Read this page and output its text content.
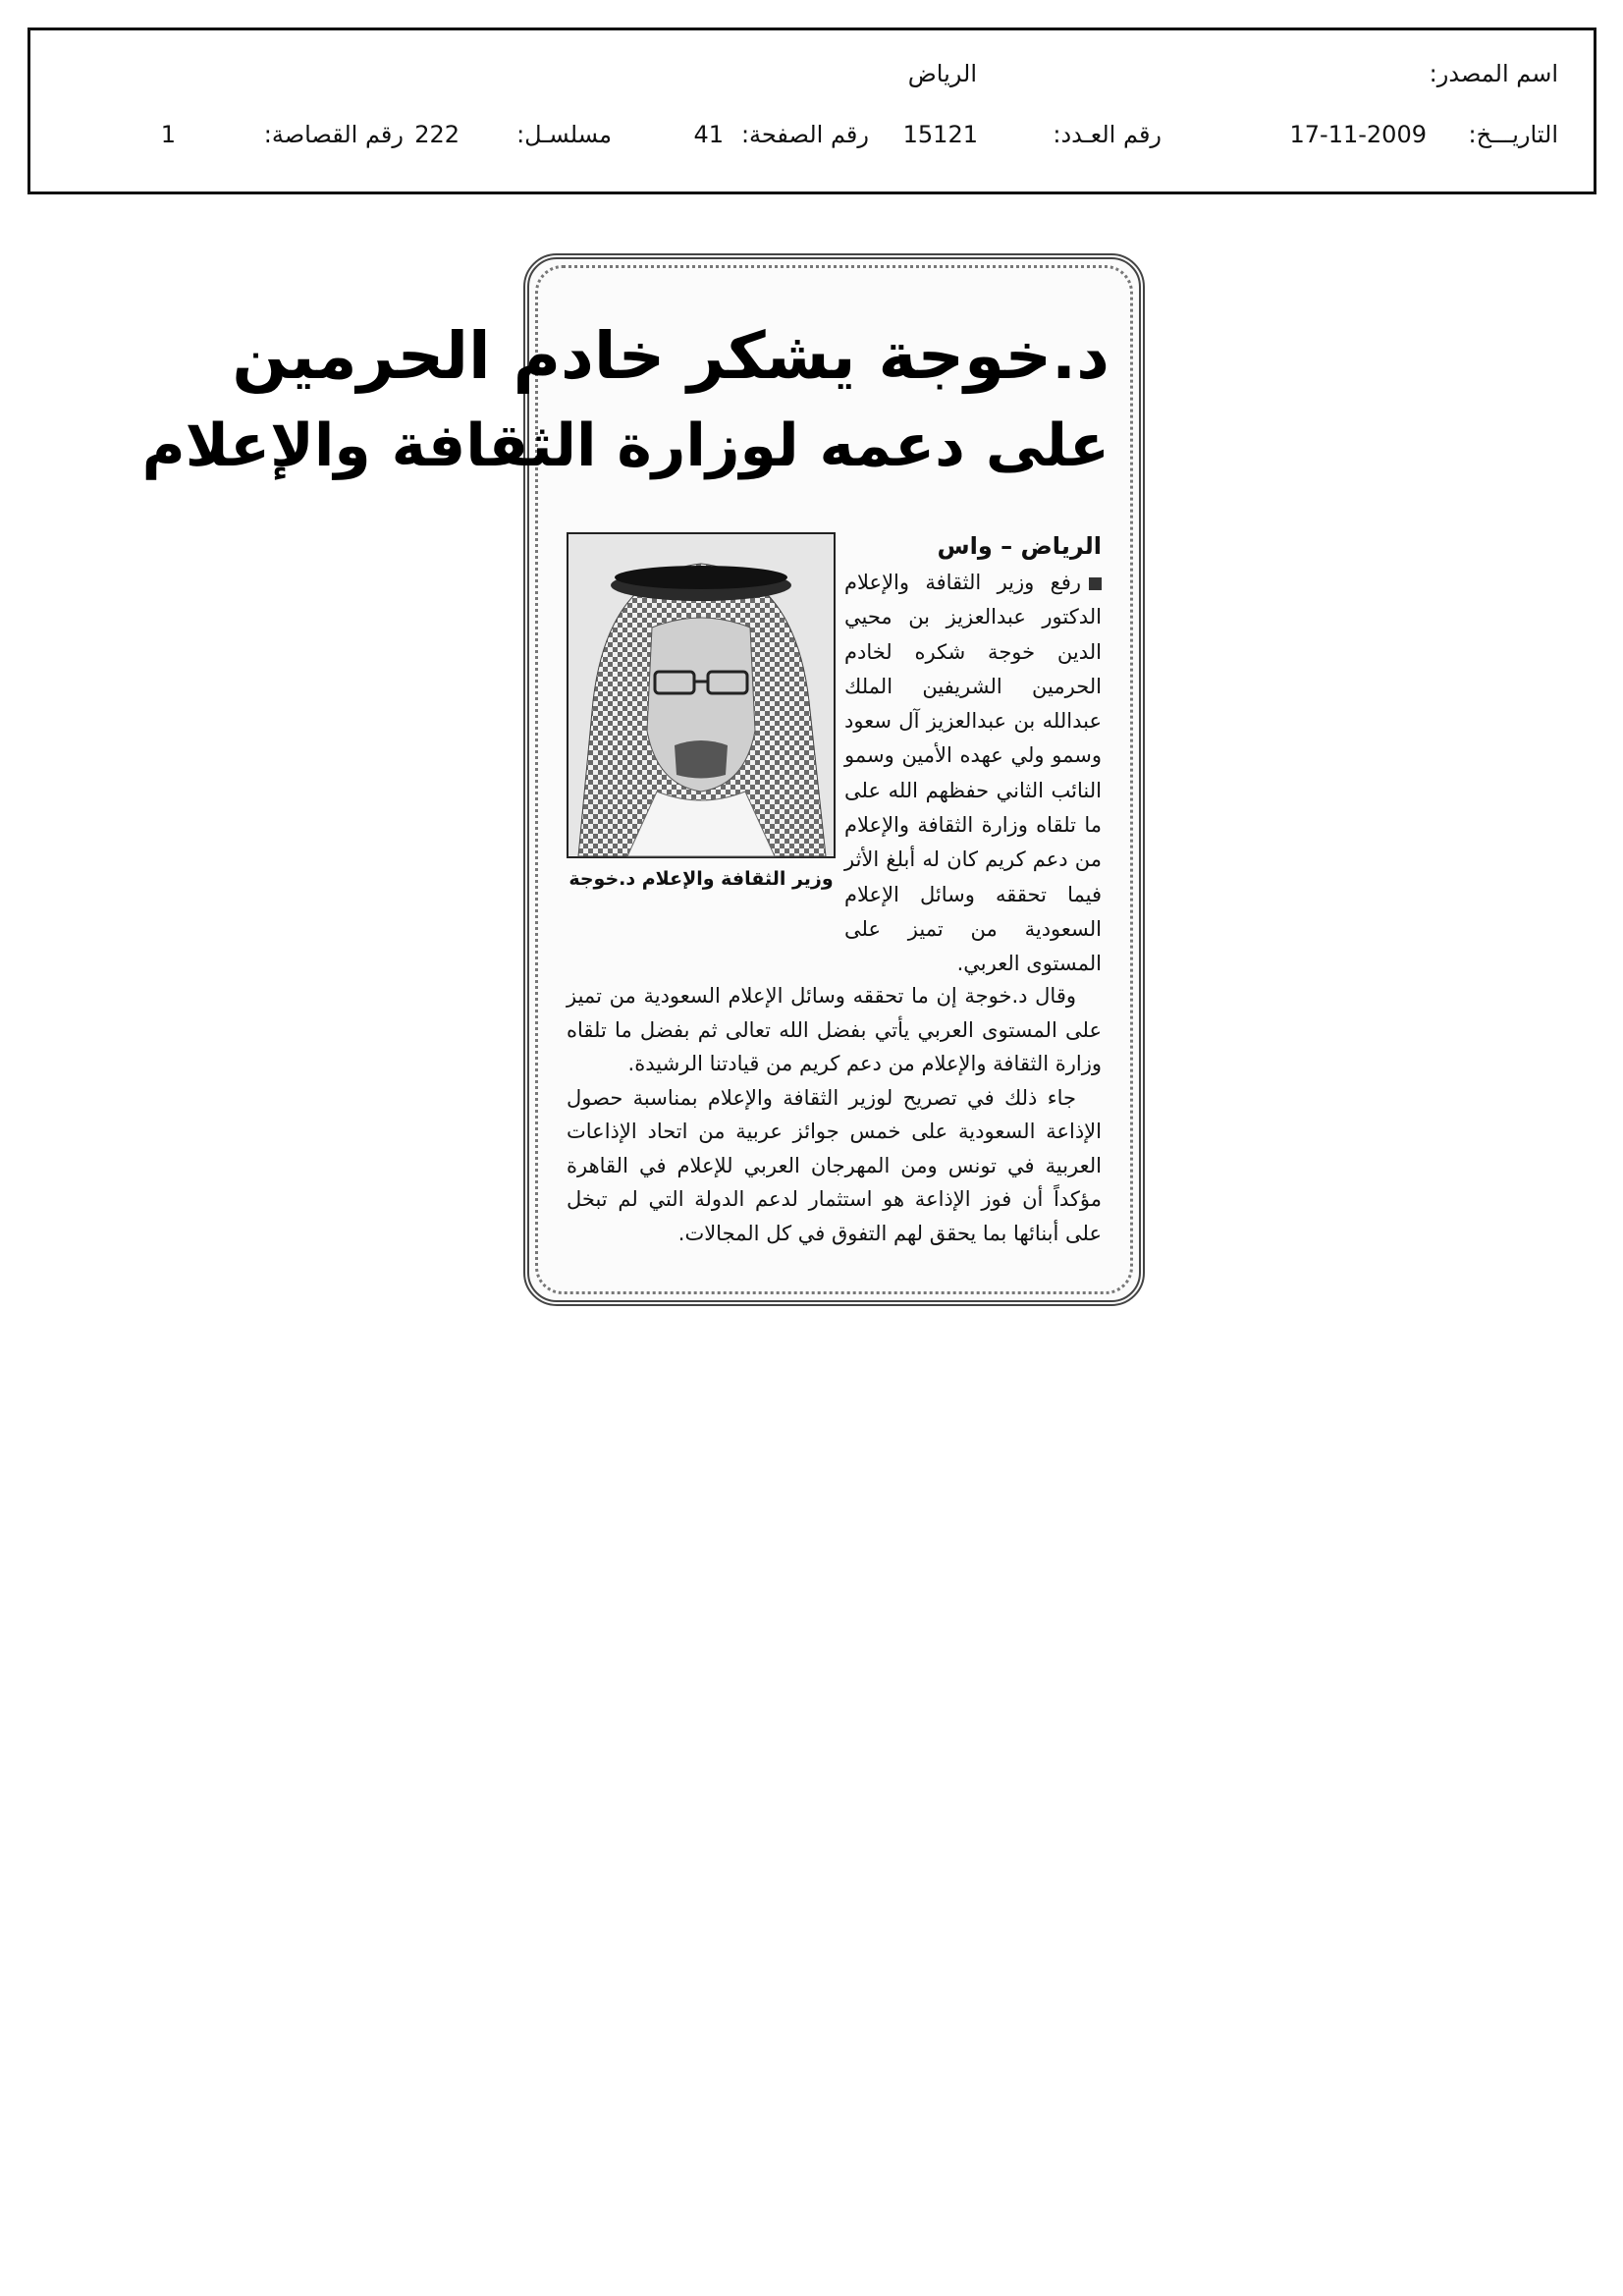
اسم المصدر:
الرياض
التاريـــخ:
17-11-2009
رقم العـدد:
15121
رقم الصفحة:
41
مسلسـل:
222
رقم القصاصة:
1
د.خوجة يشكر خادم الحرمين
على دعمه لوزارة الثقافة والإعلام
الرياض – واس
وزير الثقافة والإعلام د.خوجة
رفع وزير الثقافة والإعلام الدكتور عبدالعزيز بن محيي الدين خوجة شكره لخادم الحرمين الشريفين الملك عبدالله بن عبدالعزيز آل سعود وسمو ولي عهده الأمين وسمو النائب الثاني حفظهم الله على ما تلقاه وزارة الثقافة والإعلام من دعم كريم كان له أبلغ الأثر فيما تحققه وسائل الإعلام السعودية من تميز على المستوى العربي.

وقال د.خوجة إن ما تحققه وسائل الإعلام السعودية من تميز على المستوى العربي يأتي بفضل الله تعالى ثم بفضل ما تلقاه وزارة الثقافة والإعلام من دعم كريم من قيادتنا الرشيدة.

جاء ذلك في تصريح لوزير الثقافة والإعلام بمناسبة حصول الإذاعة السعودية على خمس جوائز عربية من اتحاد الإذاعات العربية في تونس ومن المهرجان العربي للإعلام في القاهرة مؤكداً أن فوز الإذاعة هو استثمار لدعم الدولة التي لم تبخل على أبنائها بما يحقق لهم التفوق في كل المجالات.
